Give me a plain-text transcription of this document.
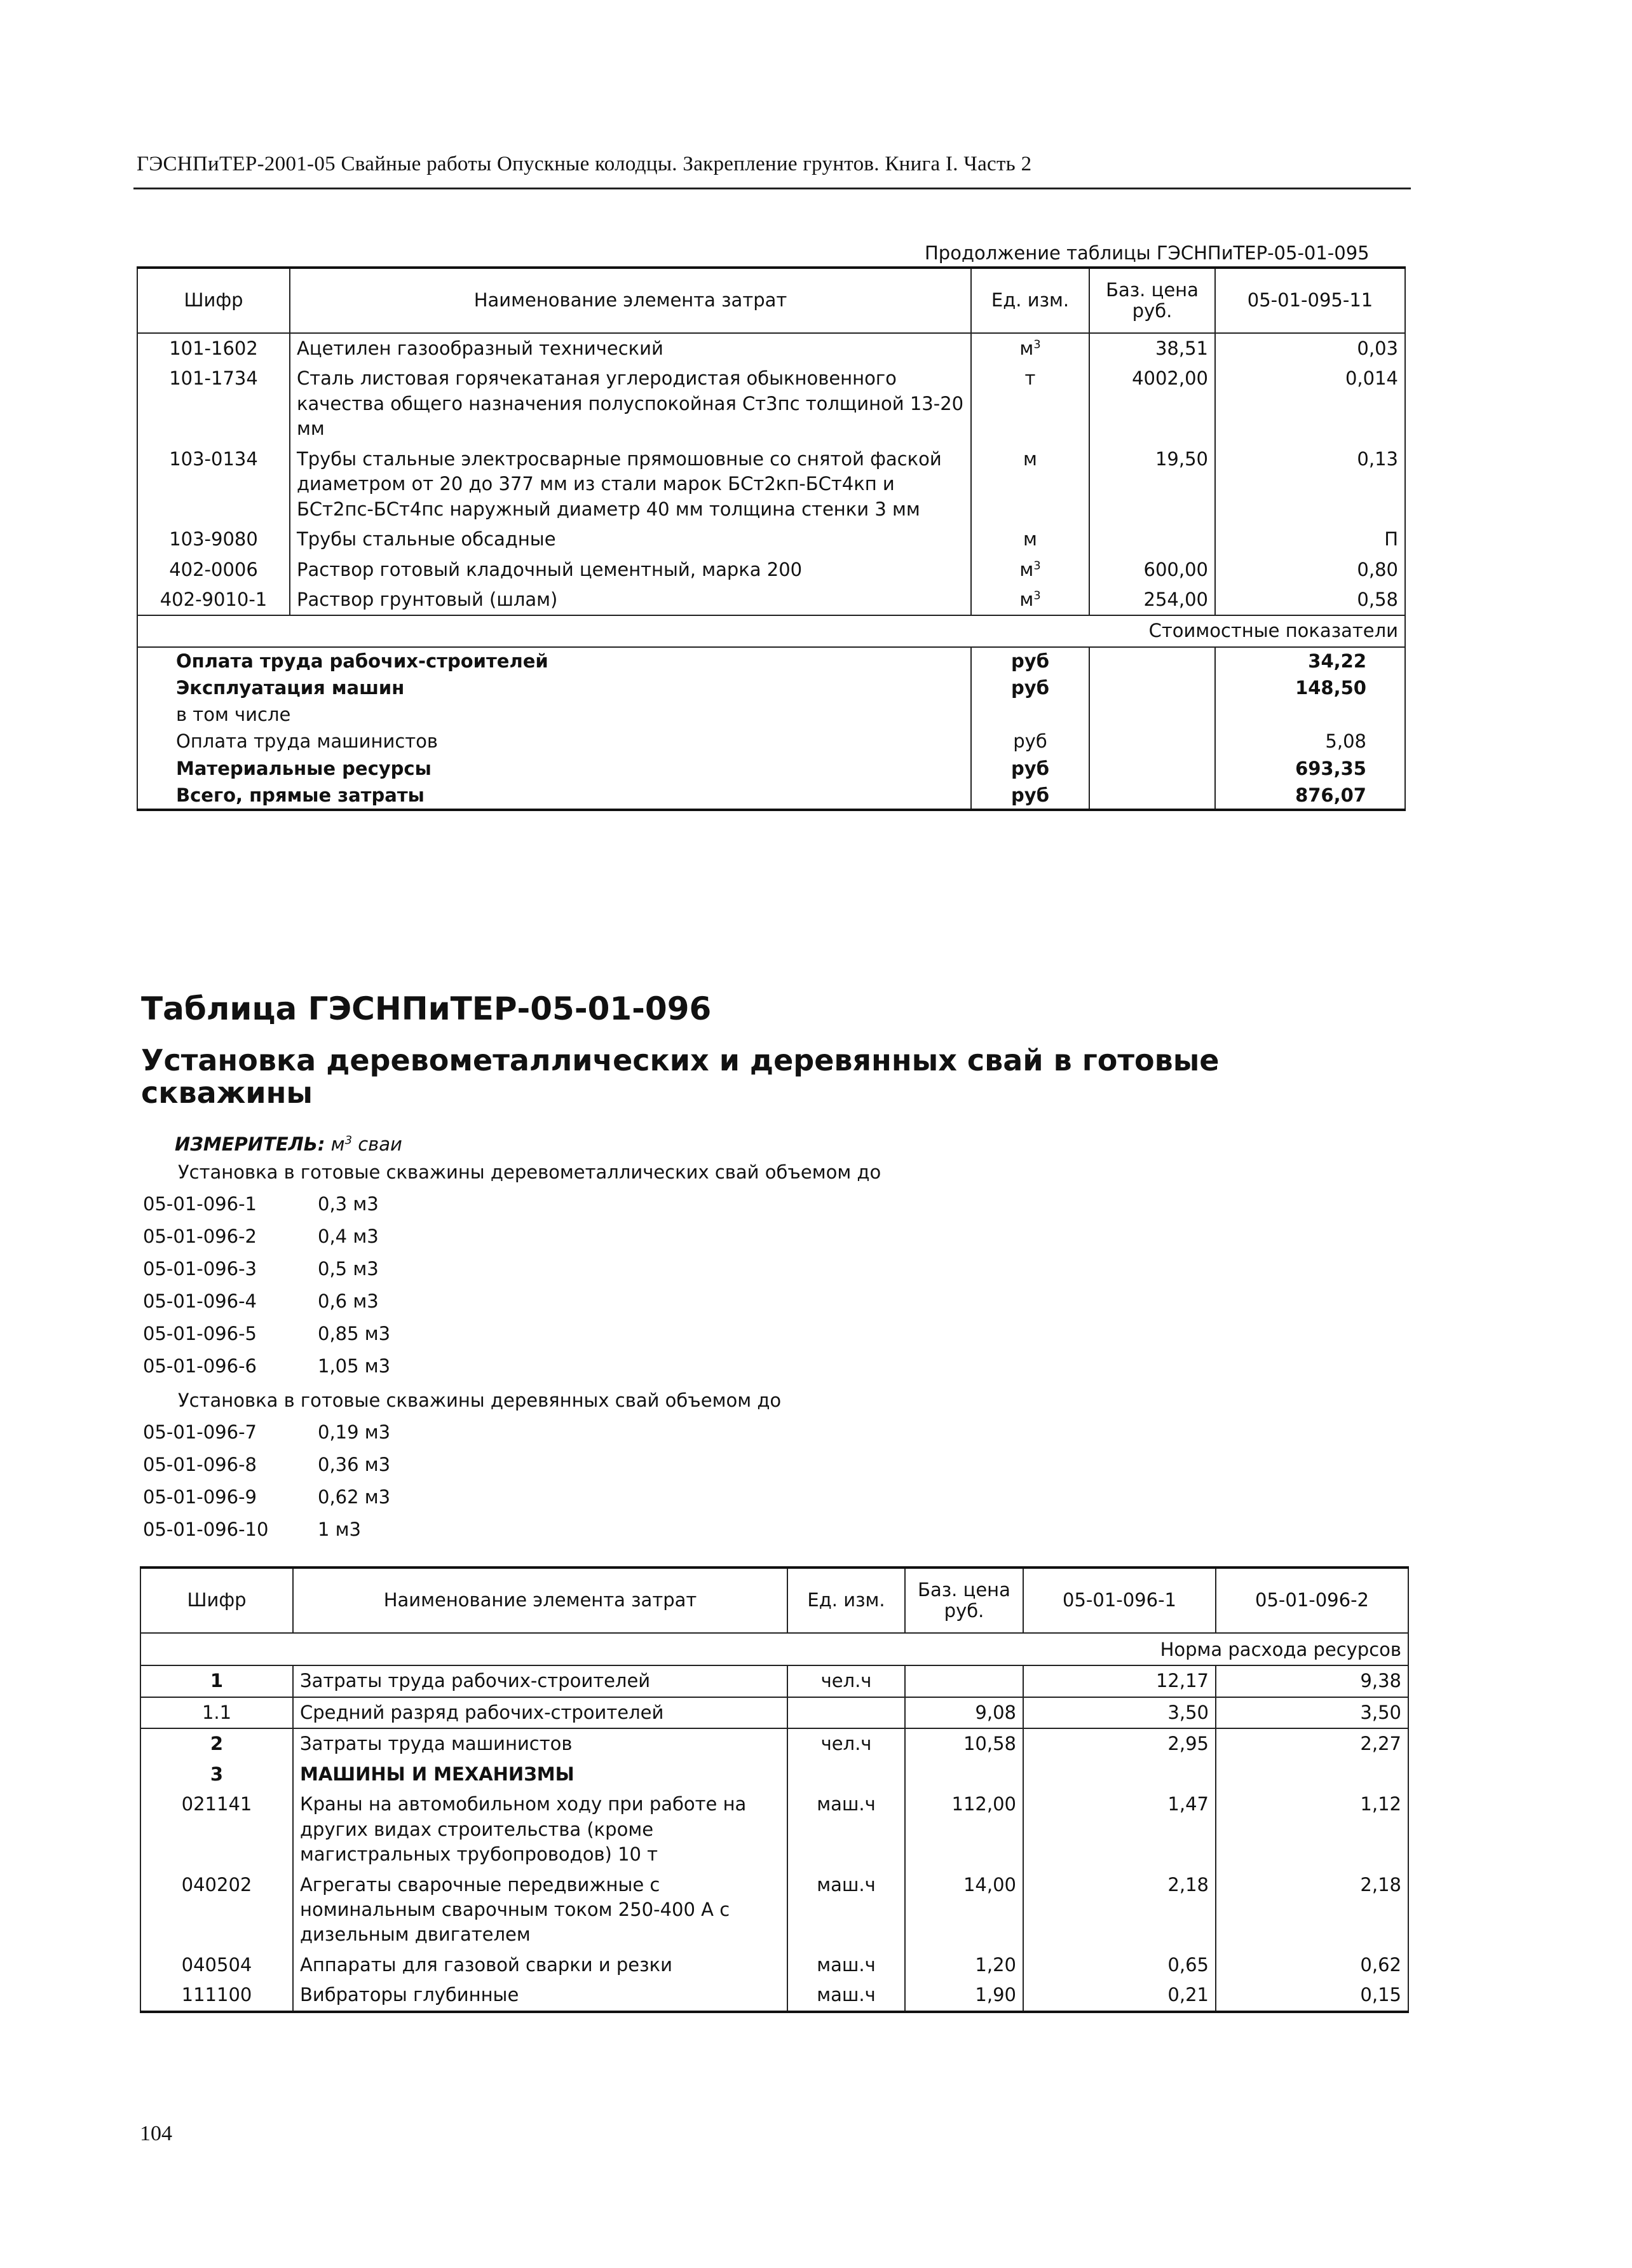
ГЭСНПиТЕР-2001-05 Свайные работы Опускные колодцы. Закрепление грунтов. Книга I. Часть 2
Продолжение таблицы ГЭСНПиТЕР-05-01-095
Шифр	Наименование элемента затрат	Ед. изм.	Баз. цена руб.	05-01-095-11
101-1602	Ацетилен газообразный технический	$м^3$	38,51	0,03
101-1734	Сталь листовая горячекатаная углеродистая обыкновенного качества общего назначения полуспокойная Ст3пс толщиной 13-20 мм	т	4002,00	0,014
103-0134	Трубы стальные электросварные прямошовные со снятой фаской диаметром от 20 до 377 мм из стали марок БСт2кп-БСт4кп и БСт2пс-БСт4пс наружный диаметр 40 мм толщина стенки 3 мм	м	19,50	0,13
103-9080	Трубы стальные обсадные	м		П
402-0006	Раствор готовый кладочный цементный, марка 200	$м^3$	600,00	0,80
402-9010-1	Раствор грунтовый (шлам)	$м^3$	254,00	0,58
Стоимостные показатели				
Оплата труда рабочих-строителей		руб		34,22
Эксплуатация машин		руб		148,50
в том числе				
Оплата труда машинистов		руб		5,08
Материальные ресурсы		руб		693,35
Всего, прямые затраты		руб		876,07
Таблица ГЭСНПиТЕР-05-01-096
Установка деревометаллических и деревянных свай в готовые скважины
ИЗМЕРИТЕЛЬ: $м^3$ сваи
Установка в готовые скважины деревометаллических свай объемом до
05-01-096-1	0,3 м3
05-01-096-2	0,4 м3
05-01-096-3	0,5 м3
05-01-096-4	0,6 м3
05-01-096-5	0,85 м3
05-01-096-6	1,05 м3
Установка в готовые скважины деревянных свай объемом до
05-01-096-7	0,19 м3
05-01-096-8	0,36 м3
05-01-096-9	0,62 м3
05-01-096-10	1 м3
Шифр	Наименование элемента затрат	Ед. изм.	Баз. цена руб.	05-01-096-1	05-01-096-2
Норма расхода ресурсов					
1	Затраты труда рабочих-строителей	чел.ч		12,17	9,38
1.1	Средний разряд рабочих-строителей		9,08	3,50	3,50
2	Затраты труда машинистов	чел.ч	10,58	2,95	2,27
3	МАШИНЫ И МЕХАНИЗМЫ				
021141	Краны на автомобильном ходу при работе на других видах строительства (кроме магистральных трубопроводов) 10 т	маш.ч	112,00	1,47	1,12
040202	Агрегаты сварочные передвижные с номинальным сварочным током 250-400 А с дизельным двигателем	маш.ч	14,00	2,18	2,18
040504	Аппараты для газовой сварки и резки	маш.ч	1,20	0,65	0,62
111100	Вибраторы глубинные	маш.ч	1,90	0,21	0,15
104
